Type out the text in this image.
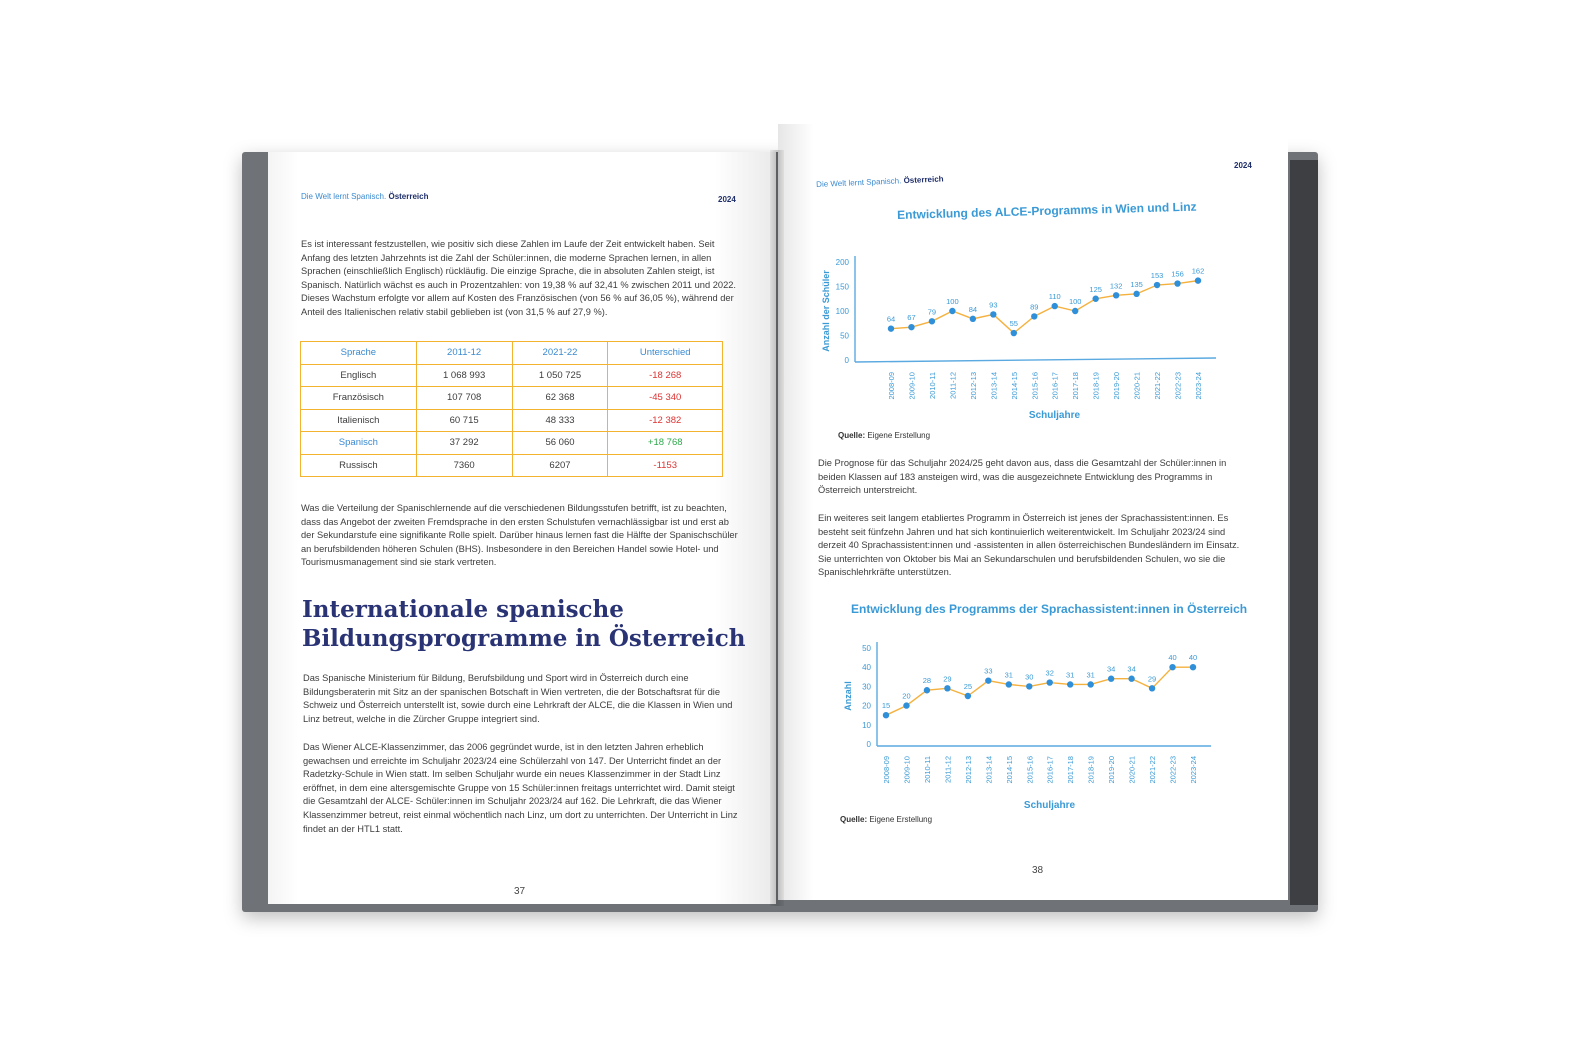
Die Welt lernt Spanisch. Österreich	2024
Es ist interessant festzustellen, wie positiv sich diese Zahlen im Laufe der Zeit entwickelt haben. Seit Anfang des letzten Jahrzehnts ist die Zahl der Schüler:innen, die moderne Sprachen lernen, in allen Sprachen (einschließlich Englisch) rückläufig. Die einzige Sprache, die in absoluten Zahlen steigt, ist Spanisch. Natürlich wächst es auch in Prozentzahlen: von 19,38 % auf 32,41 % zwischen 2011 und 2022. Dieses Wachstum erfolgte vor allem auf Kosten des Französischen (von 56 % auf 36,05 %), während der Anteil des Italienischen relativ stabil geblieben ist (von 31,5 % auf 27,9 %).
Sprache	2011-12	2021-22	Unterschied
Englisch	1 068 993	1 050 725	-18 268
Französisch	107 708	62 368	-45 340
Italienisch	60 715	48 333	-12 382
Spanisch	37 292	56 060	+18 768
Russisch	7360	6207	-1153
Was die Verteilung der Spanischlernende auf die verschiedenen Bildungsstufen betrifft, ist zu beachten, dass das Angebot der zweiten Fremdsprache in den ersten Schulstufen vernachlässigbar ist und erst ab der Sekundarstufe eine signifikante Rolle spielt. Darüber hinaus lernen fast die Hälfte der Spanischschüler an berufsbildenden höheren Schulen (BHS). Insbesondere in den Bereichen Handel sowie Hotel- und Tourismusmanagement sind sie stark vertreten.
Internationale spanische
Bildungsprogramme in Österreich
Das Spanische Ministerium für Bildung, Berufsbildung und Sport wird in Österreich durch eine Bildungsberaterin mit Sitz an der spanischen Botschaft in Wien vertreten, die der Botschaftsrat für die Schweiz und Österreich unterstellt ist, sowie durch eine Lehrkraft der ALCE, die die Klassen in Wien und Linz betreut, welche in die Zürcher Gruppe integriert sind.
Das Wiener ALCE-Klassenzimmer, das 2006 gegründet wurde, ist in den letzten Jahren erheblich gewachsen und erreichte im Schuljahr 2023/24 eine Schülerzahl von 147. Der Unterricht findet an der Radetzky-Schule in Wien statt. Im selben Schuljahr wurde ein neues Klassenzimmer in der Stadt Linz eröffnet, in dem eine altersgemischte Gruppe von 15 Schüler:innen freitags unterrichtet wird. Damit steigt die Gesamtzahl der ALCE- Schüler:innen im Schuljahr 2023/24 auf 162. Die Lehrkraft, die das Wiener Klassenzimmer betreut, reist einmal wöchentlich nach Linz, um dort zu unterrichten. Der Unterricht in Linz findet an der HTL1 statt.
37
Die Welt lernt Spanisch. Österreich
2024
Entwicklung des ALCE-Programms in Wien und Linz
0
50
100
150
200
64 67
79
100
84 93
55
89
110
100
125 132 135
153 156 162
2008-09 2009-10 2010-11 2011-12 2012-13 2013-14 2014-15 2015-16 2016-17 2017-18 2018-19 2019-20 2020-21 2021-22 2022-23 2023-24
Anzahl der Schüler
Schuljahre
Quelle: Eigene Erstellung
Die Prognose für das Schuljahr 2024/25 geht davon aus, dass die Gesamtzahl der Schüler:innen in beiden Klassen auf 183 ansteigen wird, was die ausgezeichnete Entwicklung des Programms in Österreich unterstreicht.
Ein weiteres seit langem etabliertes Programm in Österreich ist jenes der Sprachassistent:innen. Es besteht seit fünfzehn Jahren und hat sich kontinuierlich weiterentwickelt. Im Schuljahr 2023/24 sind derzeit 40 Sprachassistent:innen und -assistenten in allen österreichischen Bundesländern im Einsatz. Sie unterrichten von Oktober bis Mai an Sekundarschulen und berufsbildenden Schulen, wo sie die Spanischlehrkräfte unterstützen.
Entwicklung des Programms der Sprachassistent:innen in Österreich
0
10
20
30
40
50
15
20
28 29
25
33 31 30 32 31 31
34 34
29
40 40
2008-09 2009-10 2010-11 2011-12 2012-13 2013-14 2014-15 2015-16 2016-17 2017-18 2018-19 2019-20 2020-21 2021-22 2022-23 2023-24
Anzahl
Schuljahre
Quelle: Eigene Erstellung
38
